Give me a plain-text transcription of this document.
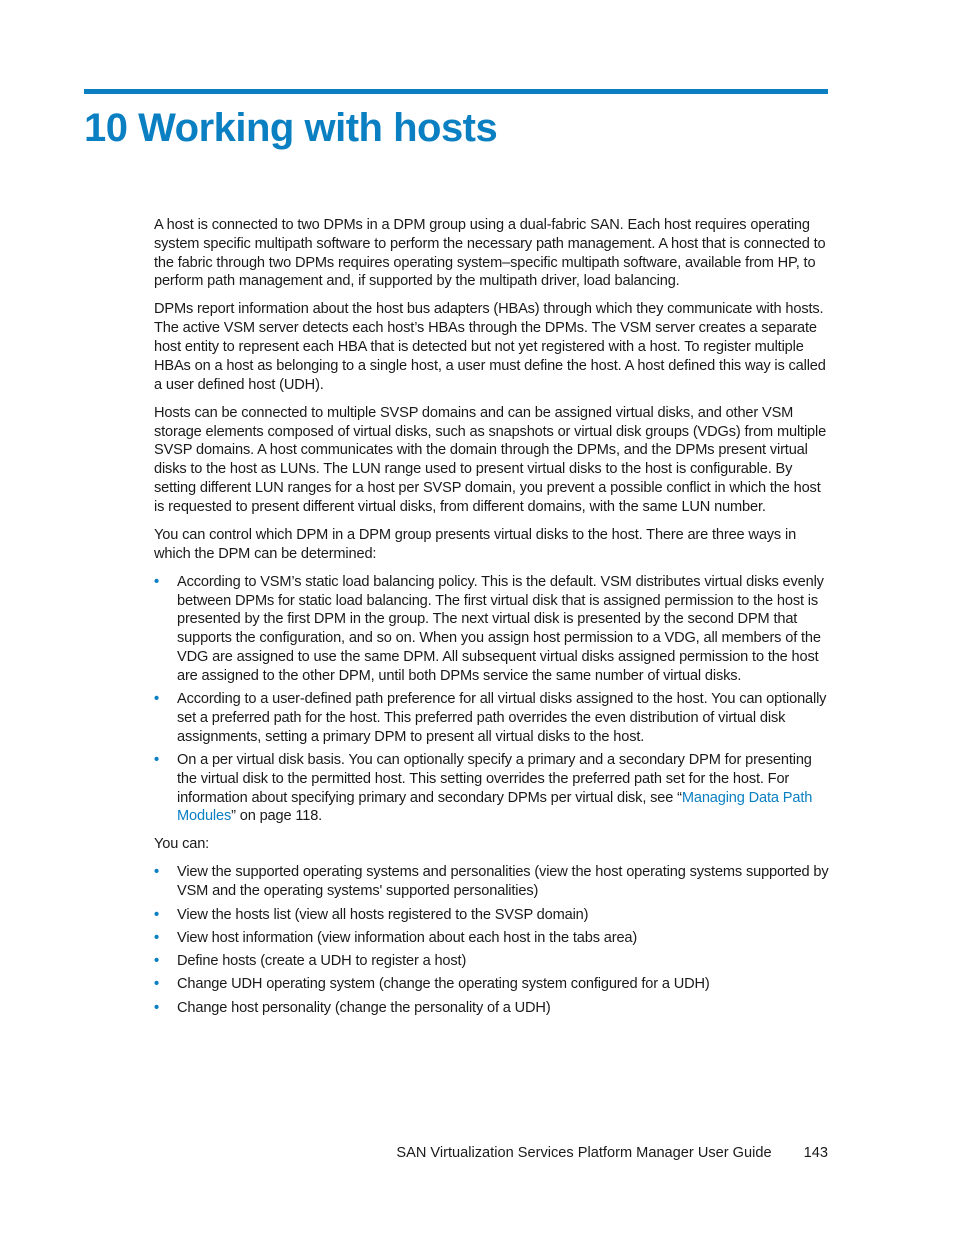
10 Working with hosts

A host is connected to two DPMs in a DPM group using a dual-fabric SAN. Each host requires operating system specific multipath software to perform the necessary path management. A host that is connected to the fabric through two DPMs requires operating system–specific multipath software, available from HP, to perform path management and, if supported by the multipath driver, load balancing.

DPMs report information about the host bus adapters (HBAs) through which they communicate with hosts. The active VSM server detects each host’s HBAs through the DPMs. The VSM server creates a separate host entity to represent each HBA that is detected but not yet registered with a host. To register multiple HBAs on a host as belonging to a single host, a user must define the host. A host defined this way is called a user defined host (UDH).

Hosts can be connected to multiple SVSP domains and can be assigned virtual disks, and other VSM storage elements composed of virtual disks, such as snapshots or virtual disk groups (VDGs) from multiple SVSP domains. A host communicates with the domain through the DPMs, and the DPMs present virtual disks to the host as LUNs. The LUN range used to present virtual disks to the host is configurable. By setting different LUN ranges for a host per SVSP domain, you prevent a possible conflict in which the host is requested to present different virtual disks, from different domains, with the same LUN number.

You can control which DPM in a DPM group presents virtual disks to the host. There are three ways in which the DPM can be determined:

• According to VSM’s static load balancing policy. This is the default. VSM distributes virtual disks evenly between DPMs for static load balancing. The first virtual disk that is assigned permission to the host is presented by the first DPM in the group. The next virtual disk is presented by the second DPM that supports the configuration, and so on. When you assign host permission to a VDG, all members of the VDG are assigned to use the same DPM. All subsequent virtual disks assigned permission to the host are assigned to the other DPM, until both DPMs service the same number of virtual disks.
• According to a user-defined path preference for all virtual disks assigned to the host. You can optionally set a preferred path for the host. This preferred path overrides the even distribution of virtual disk assignments, setting a primary DPM to present all virtual disks to the host.
• On a per virtual disk basis. You can optionally specify a primary and a secondary DPM for presenting the virtual disk to the permitted host. This setting overrides the preferred path set for the host. For information about specifying primary and secondary DPMs per virtual disk, see “Managing Data Path Modules” on page 118.

You can:

• View the supported operating systems and personalities (view the host operating systems supported by VSM and the operating systems' supported personalities)
• View the hosts list (view all hosts registered to the SVSP domain)
• View host information (view information about each host in the tabs area)
• Define hosts (create a UDH to register a host)
• Change UDH operating system (change the operating system configured for a UDH)
• Change host personality (change the personality of a UDH)
SAN Virtualization Services Platform Manager User Guide 143
